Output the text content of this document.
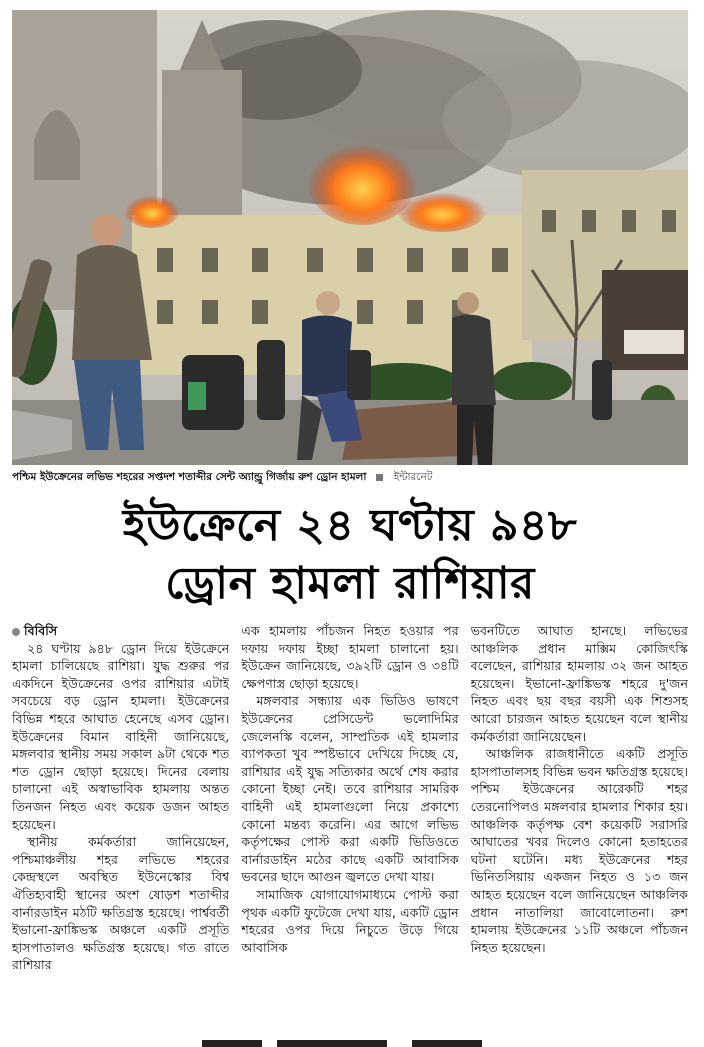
পশ্চিম ইউক্রেনের লভিভ শহরের সপ্তদশ শতাব্দীর সেন্ট অ্যান্ড্রু গির্জায় রুশ ড্রোন হামলা	ইন্টারনেট
ইউক্রেনে ২৪ ঘণ্টায় ৯৪৮
ড্রোন হামলা রাশিয়ার

বিবিসি

২৪ ঘণ্টায় ৯৪৮ ড্রোন দিয়ে ইউক্রেনে হামলা চালিয়েছে রাশিয়া। যুদ্ধ শুরুর পর একদিনে ইউক্রেনের ওপর রাশিয়ার এটাই সবচেয়ে বড় ড্রোন হামলা। ইউক্রেনের বিভিন্ন শহরে আঘাত হেনেছে এসব ড্রোন। ইউক্রেনের বিমান বাহিনী জানিয়েছে, মঙ্গলবার স্থানীয় সময় সকাল ৯টা থেকে শত শত ড্রোন ছোড়া হয়েছে। দিনের বেলায় চালানো এই অস্বাভাবিক হামলায় অন্তত তিনজন নিহত এবং কয়েক ডজন আহত হয়েছেন।

স্থানীয় কর্মকর্তারা জানিয়েছেন, পশ্চিমাঞ্চলীয় শহর লভিভে শহরের কেন্দ্রস্থলে অবস্থিত ইউনেস্কোর বিশ্ব ঐতিহ্যবাহী স্থানের অংশ ষোড়শ শতাব্দীর বার্নারডাইন মঠটি ক্ষতিগ্রস্ত হয়েছে। পার্শ্ববর্তী ইভানো-ফ্রাঙ্কিভস্ক অঞ্চলে একটি প্রসূতি হাসপাতালও ক্ষতিগ্রস্ত হয়েছে। গত রাতে রাশিয়ার

এক হামলায় পাঁচজন নিহত হওয়ার পর দফায় দফায় ইচ্ছা হামলা চালানো হয়। ইউক্রেন জানিয়েছে, ৩৯২টি ড্রোন ও ৩৪টি ক্ষেপণাস্ত্র ছোড়া হয়েছে।

মঙ্গলবার সন্ধ্যায় এক ভিডিও ভাষণে ইউক্রেনের প্রেসিডেন্ট ভলোদিমির জেলেনস্কি বলেন, সাম্প্রতিক এই হামলার ব্যাপকতা খুব স্পষ্টভাবে দেখিয়ে দিচ্ছে যে, রাশিয়ার এই যুদ্ধ সত্যিকার অর্থে শেষ করার কোনো ইচ্ছা নেই। তবে রাশিয়ার সামরিক বাহিনী এই হামলাগুলো নিয়ে প্রকাশ্যে কোনো মন্তব্য করেনি। এর আগে লভিভ কর্তৃপক্ষের পোস্ট করা একটি ভিডিওতে বার্নারডাইন মঠের কাছে একটি আবাসিক ভবনের ছাদে আগুন জ্বলতে দেখা যায়।

সামাজিক যোগাযোগমাধ্যমে পোস্ট করা পৃথক একটি ফুটেজে দেখা যায়, একটি ড্রোন শহরের ওপর দিয়ে নিচুতে উড়ে গিয়ে আবাসিক

ভবনটিতে আঘাত হানছে। লভিভের আঞ্চলিক প্রধান মাক্সিম কোজিৎস্কি বলেছেন, রাশিয়ার হামলায় ৩২ জন আহত হয়েছেন। ইভানো-ফ্রাঙ্কিভস্ক শহরে দু'জন নিহত এবং ছয় বছর বয়সী এক শিশুসহ আরো চারজন আহত হয়েছেন বলে স্থানীয় কর্মকর্তারা জানিয়েছেন।

আঞ্চলিক রাজধানীতে একটি প্রসূতি হাসপাতালসহ বিভিন্ন ভবন ক্ষতিগ্রস্ত হয়েছে। পশ্চিম ইউক্রেনের আরেকটি শহর তেরনোপিলও মঙ্গলবার হামলার শিকার হয়। আঞ্চলিক কর্তৃপক্ষ বেশ কয়েকটি সরাসরি আঘাতের খবর দিলেও কোনো হতাহতের ঘটনা ঘটেনি। মধ্য ইউক্রেনের শহর ভিনিতসিয়ায় একজন নিহত ও ১৩ জন আহত হয়েছেন বলে জানিয়েছেন আঞ্চলিক প্রধান নাতালিয়া জাবোলোতনা। রুশ হামলায় ইউক্রেনের ১১টি অঞ্চলে পাঁচজন নিহত হয়েছেন।
